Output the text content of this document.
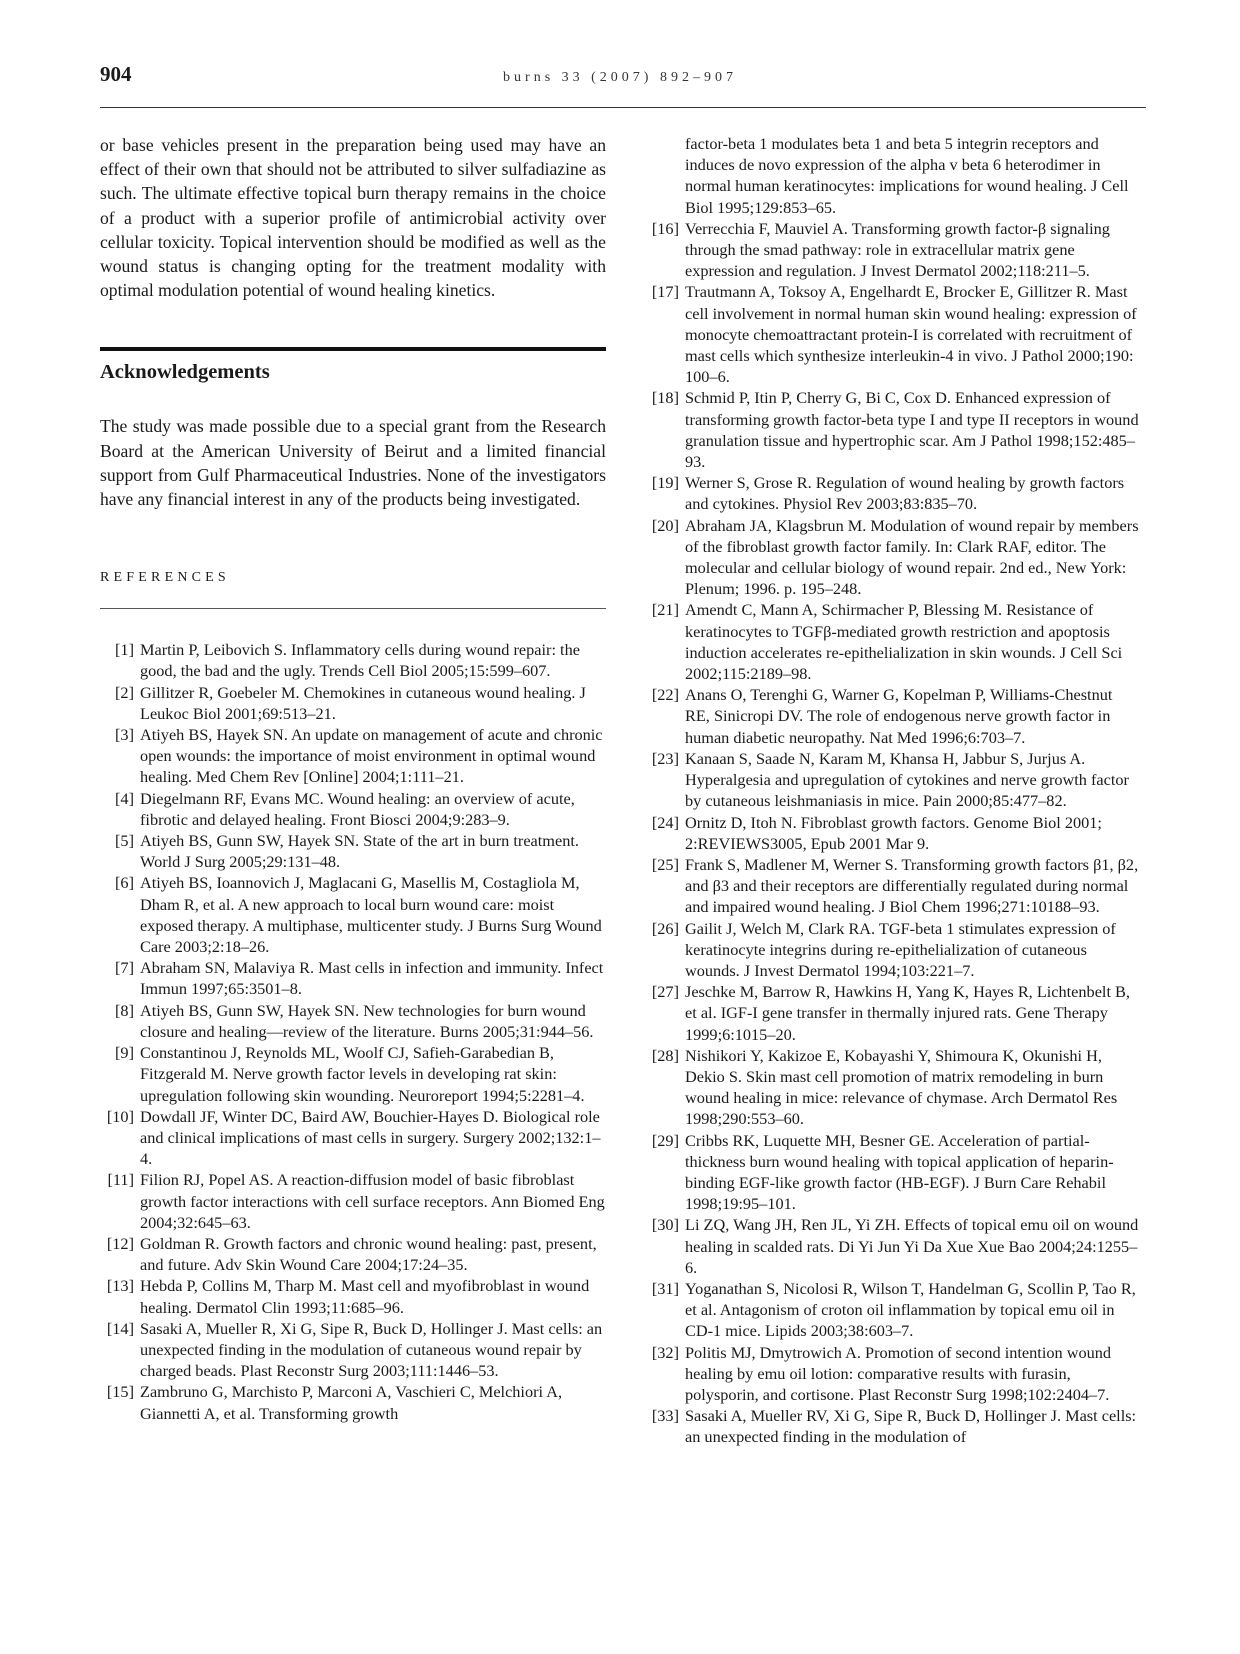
904	burns 33 (2007) 892–907

or base vehicles present in the preparation being used may have an effect of their own that should not be attributed to silver sulfadiazine as such. The ultimate effective topical burn therapy remains in the choice of a product with a superior profile of antimicrobial activity over cellular toxicity. Topical intervention should be modified as well as the wound status is changing opting for the treatment modality with optimal modulation potential of wound healing kinetics.

Acknowledgements

The study was made possible due to a special grant from the Research Board at the American University of Beirut and a limited financial support from Gulf Pharmaceutical Industries. None of the investigators have any financial interest in any of the products being investigated.

REFERENCES
[1] Martin P, Leibovich S. Inflammatory cells during wound repair: the good, the bad and the ugly. Trends Cell Biol 2005;15:599–607.
[2] Gillitzer R, Goebeler M. Chemokines in cutaneous wound healing. J Leukoc Biol 2001;69:513–21.
[3] Atiyeh BS, Hayek SN. An update on management of acute and chronic open wounds: the importance of moist environment in optimal wound healing. Med Chem Rev [Online] 2004;1:111–21.
[4] Diegelmann RF, Evans MC. Wound healing: an overview of acute, fibrotic and delayed healing. Front Biosci 2004;9:283–9.
[5] Atiyeh BS, Gunn SW, Hayek SN. State of the art in burn treatment. World J Surg 2005;29:131–48.
[6] Atiyeh BS, Ioannovich J, Maglacani G, Masellis M, Costagliola M, Dham R, et al. A new approach to local burn wound care: moist exposed therapy. A multiphase, multicenter study. J Burns Surg Wound Care 2003;2:18–26.
[7] Abraham SN, Malaviya R. Mast cells in infection and immunity. Infect Immun 1997;65:3501–8.
[8] Atiyeh BS, Gunn SW, Hayek SN. New technologies for burn wound closure and healing—review of the literature. Burns 2005;31:944–56.
[9] Constantinou J, Reynolds ML, Woolf CJ, Safieh-Garabedian B, Fitzgerald M. Nerve growth factor levels in developing rat skin: upregulation following skin wounding. Neuroreport 1994;5:2281–4.
[10] Dowdall JF, Winter DC, Baird AW, Bouchier-Hayes D. Biological role and clinical implications of mast cells in surgery. Surgery 2002;132:1–4.
[11] Filion RJ, Popel AS. A reaction-diffusion model of basic fibroblast growth factor interactions with cell surface receptors. Ann Biomed Eng 2004;32:645–63.
[12] Goldman R. Growth factors and chronic wound healing: past, present, and future. Adv Skin Wound Care 2004;17:24–35.
[13] Hebda P, Collins M, Tharp M. Mast cell and myofibroblast in wound healing. Dermatol Clin 1993;11:685–96.
[14] Sasaki A, Mueller R, Xi G, Sipe R, Buck D, Hollinger J. Mast cells: an unexpected finding in the modulation of cutaneous wound repair by charged beads. Plast Reconstr Surg 2003;111:1446–53.
[15] Zambruno G, Marchisto P, Marconi A, Vaschieri C, Melchiori A, Giannetti A, et al. Transforming growth
factor-beta 1 modulates beta 1 and beta 5 integrin receptors and induces de novo expression of the alpha v beta 6 heterodimer in normal human keratinocytes: implications for wound healing. J Cell Biol 1995;129:853–65.
[16] Verrecchia F, Mauviel A. Transforming growth factor-β signaling through the smad pathway: role in extracellular matrix gene expression and regulation. J Invest Dermatol 2002;118:211–5.
[17] Trautmann A, Toksoy A, Engelhardt E, Brocker E, Gillitzer R. Mast cell involvement in normal human skin wound healing: expression of monocyte chemoattractant protein-I is correlated with recruitment of mast cells which synthesize interleukin-4 in vivo. J Pathol 2000;190: 100–6.
[18] Schmid P, Itin P, Cherry G, Bi C, Cox D. Enhanced expression of transforming growth factor-beta type I and type II receptors in wound granulation tissue and hypertrophic scar. Am J Pathol 1998;152:485–93.
[19] Werner S, Grose R. Regulation of wound healing by growth factors and cytokines. Physiol Rev 2003;83:835–70.
[20] Abraham JA, Klagsbrun M. Modulation of wound repair by members of the fibroblast growth factor family. In: Clark RAF, editor. The molecular and cellular biology of wound repair. 2nd ed., New York: Plenum; 1996. p. 195–248.
[21] Amendt C, Mann A, Schirmacher P, Blessing M. Resistance of keratinocytes to TGFβ-mediated growth restriction and apoptosis induction accelerates re-epithelialization in skin wounds. J Cell Sci 2002;115:2189–98.
[22] Anans O, Terenghi G, Warner G, Kopelman P, Williams-Chestnut RE, Sinicropi DV. The role of endogenous nerve growth factor in human diabetic neuropathy. Nat Med 1996;6:703–7.
[23] Kanaan S, Saade N, Karam M, Khansa H, Jabbur S, Jurjus A. Hyperalgesia and upregulation of cytokines and nerve growth factor by cutaneous leishmaniasis in mice. Pain 2000;85:477–82.
[24] Ornitz D, Itoh N. Fibroblast growth factors. Genome Biol 2001; 2:REVIEWS3005, Epub 2001 Mar 9.
[25] Frank S, Madlener M, Werner S. Transforming growth factors β1, β2, and β3 and their receptors are differentially regulated during normal and impaired wound healing. J Biol Chem 1996;271:10188–93.
[26] Gailit J, Welch M, Clark RA. TGF-beta 1 stimulates expression of keratinocyte integrins during re-epithelialization of cutaneous wounds. J Invest Dermatol 1994;103:221–7.
[27] Jeschke M, Barrow R, Hawkins H, Yang K, Hayes R, Lichtenbelt B, et al. IGF-I gene transfer in thermally injured rats. Gene Therapy 1999;6:1015–20.
[28] Nishikori Y, Kakizoe E, Kobayashi Y, Shimoura K, Okunishi H, Dekio S. Skin mast cell promotion of matrix remodeling in burn wound healing in mice: relevance of chymase. Arch Dermatol Res 1998;290:553–60.
[29] Cribbs RK, Luquette MH, Besner GE. Acceleration of partial-thickness burn wound healing with topical application of heparin-binding EGF-like growth factor (HB-EGF). J Burn Care Rehabil 1998;19:95–101.
[30] Li ZQ, Wang JH, Ren JL, Yi ZH. Effects of topical emu oil on wound healing in scalded rats. Di Yi Jun Yi Da Xue Xue Bao 2004;24:1255–6.
[31] Yoganathan S, Nicolosi R, Wilson T, Handelman G, Scollin P, Tao R, et al. Antagonism of croton oil inflammation by topical emu oil in CD-1 mice. Lipids 2003;38:603–7.
[32] Politis MJ, Dmytrowich A. Promotion of second intention wound healing by emu oil lotion: comparative results with furasin, polysporin, and cortisone. Plast Reconstr Surg 1998;102:2404–7.
[33] Sasaki A, Mueller RV, Xi G, Sipe R, Buck D, Hollinger J. Mast cells: an unexpected finding in the modulation of
